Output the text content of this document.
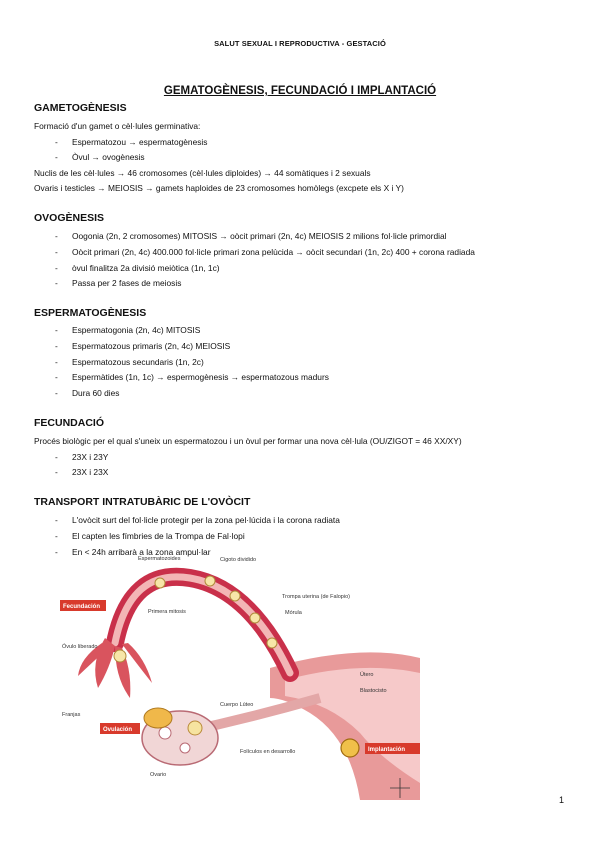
SALUT SEXUAL I REPRODUCTIVA - GESTACIÓ
GEMATOGÈNESIS, FECUNDACIÓ I IMPLANTACIÓ
GAMETOGÈNESIS
Formació d'un gamet o cèl·lules germinativa:
- Espermatozou → espermatogènesis
- Òvul → ovogènesis
Nuclis de les cèl·lules → 46 cromosomes (cèl·lules diploides) → 44 somàtiques i 2 sexuals
Ovaris i testicles → MEIOSIS → gamets haploides de 23 cromosomes homòlegs (excpete els X i Y)
OVOGÈNESIS
- Oogonia (2n, 2 cromosomes) MITOSIS → oòcit primari (2n, 4c) MEIOSIS 2 milions fol·licle primordial
- Oòcit primari (2n, 4c) 400.000 fol·licle primari zona pelùcida → oòcit secundari (1n, 2c) 400 + corona radiada
- òvul finalitza 2a divisió meiòtica (1n, 1c)
- Passa per 2 fases de meiosis
ESPERMATOGÈNESIS
- Espermatogonia (2n, 4c) MITOSIS
- Espermatozous primaris (2n, 4c) MEIOSIS
- Espermatozous secundaris (1n, 2c)
- Espermàtides (1n, 1c) → espermogènesis → espermatozous madurs
- Dura 60 dies
FECUNDACIÓ
Procés biològic per el qual s'uneix un espermatozou i un òvul per formar una nova cèl·lula (OU/ZIGOT = 46 XX/XY)
- 23X i 23Y
- 23X i 23X
TRANSPORT INTRATUBÀRIC DE L'OVÒCIT
- L'ovòcit surt del fol·licle protegir per la zona pel·lúcida i la corona radiata
- El capten les fímbries de la Trompa de Fal·lopi
- En < 24h arribarà a la zona ampul·lar
Espermatozoides	Cigoto dividido
Fecundación
Primera mitosis
Trompa uterina (de Falopio)
Mórula
Óvulo liberado
Útero
Blastocisto
Cuerpo Lúteo
Franjas
Ovulación
Folículos en desarrollo
Ovario
Implantación
1
